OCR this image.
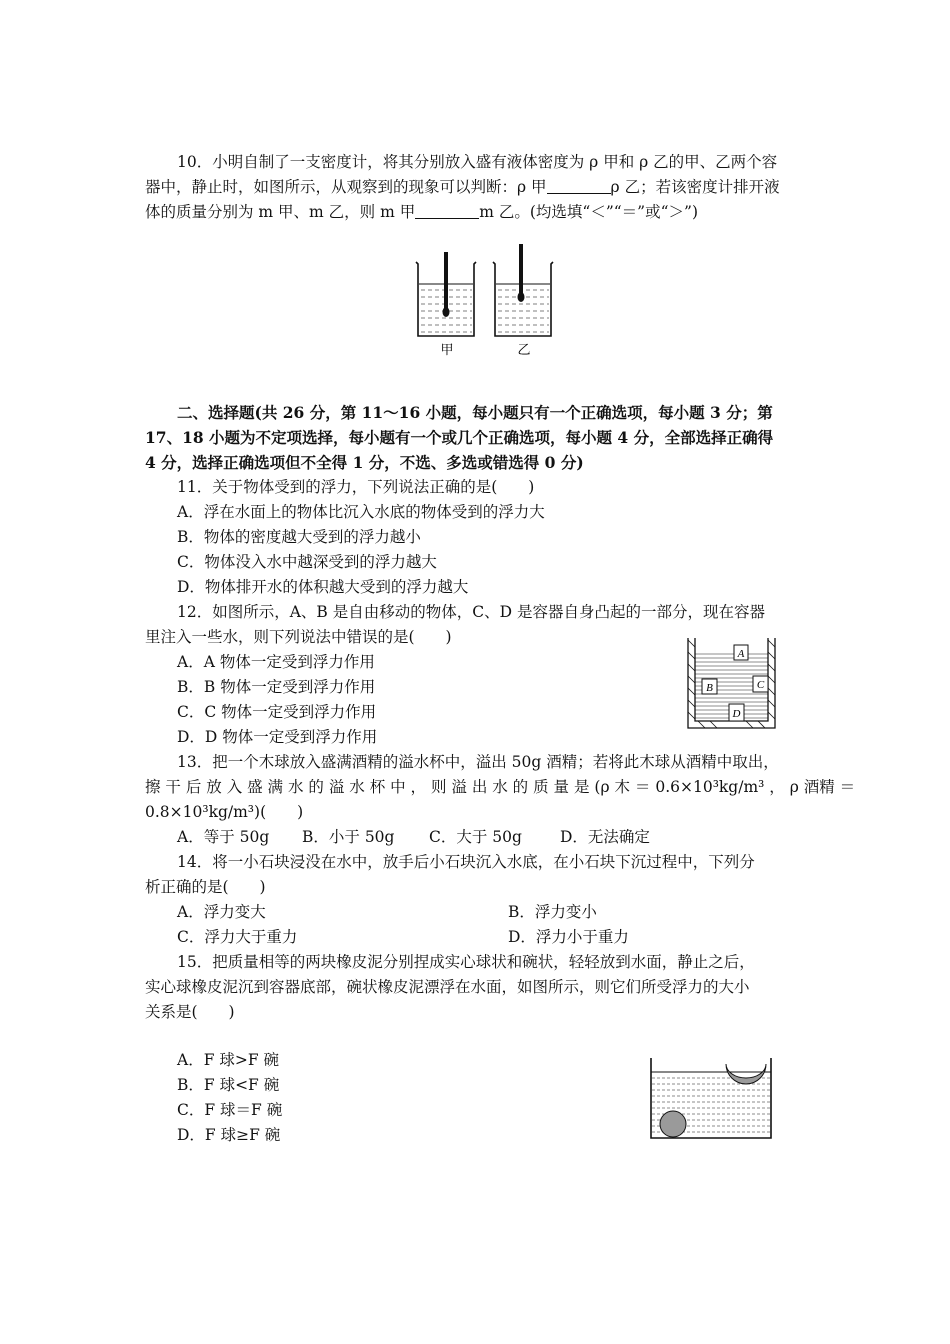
10．小明自制了一支密度计，将其分别放入盛有液体密度为 ρ 甲和 ρ 乙的甲、乙两个容

器中，静止时，如图所示，从观察到的现象可以判断：ρ 甲	ρ 乙；若该密度计排开液

体的质量分别为 m 甲、m 乙，则 m 甲	m 乙。(均选填“＜”“＝”或“＞”)

甲	乙

二、选择题(共 26 分，第 11～16 小题，每小题只有一个正确选项，每小题 3 分；第

17、18 小题为不定项选择，每小题有一个或几个正确选项，每小题 4 分，全部选择正确得

4 分，选择正确选项但不全得 1 分，不选、多选或错选得 0 分)

11．关于物体受到的浮力，下列说法正确的是(　　)

A．浮在水面上的物体比沉入水底的物体受到的浮力大

B．物体的密度越大受到的浮力越小

C．物体没入水中越深受到的浮力越大

D．物体排开水的体积越大受到的浮力越大

12．如图所示，A、B 是自由移动的物体，C、D 是容器自身凸起的一部分，现在容器

里注入一些水，则下列说法中错误的是(　　)

A．A 物体一定受到浮力作用

B．B 物体一定受到浮力作用

C．C 物体一定受到浮力作用

D．D 物体一定受到浮力作用

A
B	C
D

13．把一个木球放入盛满酒精的溢水杯中，溢出 50g 酒精；若将此木球从酒精中取出，

擦 干 后 放 入 盛 满 水 的 溢 水 杯 中 ， 则 溢 出 水 的 质 量 是 (ρ 木 ＝ 0.6×10³kg/m³ ， ρ 酒精 ＝

0.8×10³kg/m³)(　　)

A．等于 50g B．小于 50g C．大于 50g D．无法确定

14．将一小石块浸没在水中，放手后小石块沉入水底，在小石块下沉过程中，下列分

析正确的是(　　)

A．浮力变大	B．浮力变小
C．浮力大于重力	D．浮力小于重力

15．把质量相等的两块橡皮泥分别捏成实心球状和碗状，轻轻放到水面，静止之后，

实心球橡皮泥沉到容器底部，碗状橡皮泥漂浮在水面，如图所示，则它们所受浮力的大小

关系是(　　)

A．F 球>F 碗
B．F 球<F 碗
C．F 球＝F 碗
D．F 球≥F 碗
